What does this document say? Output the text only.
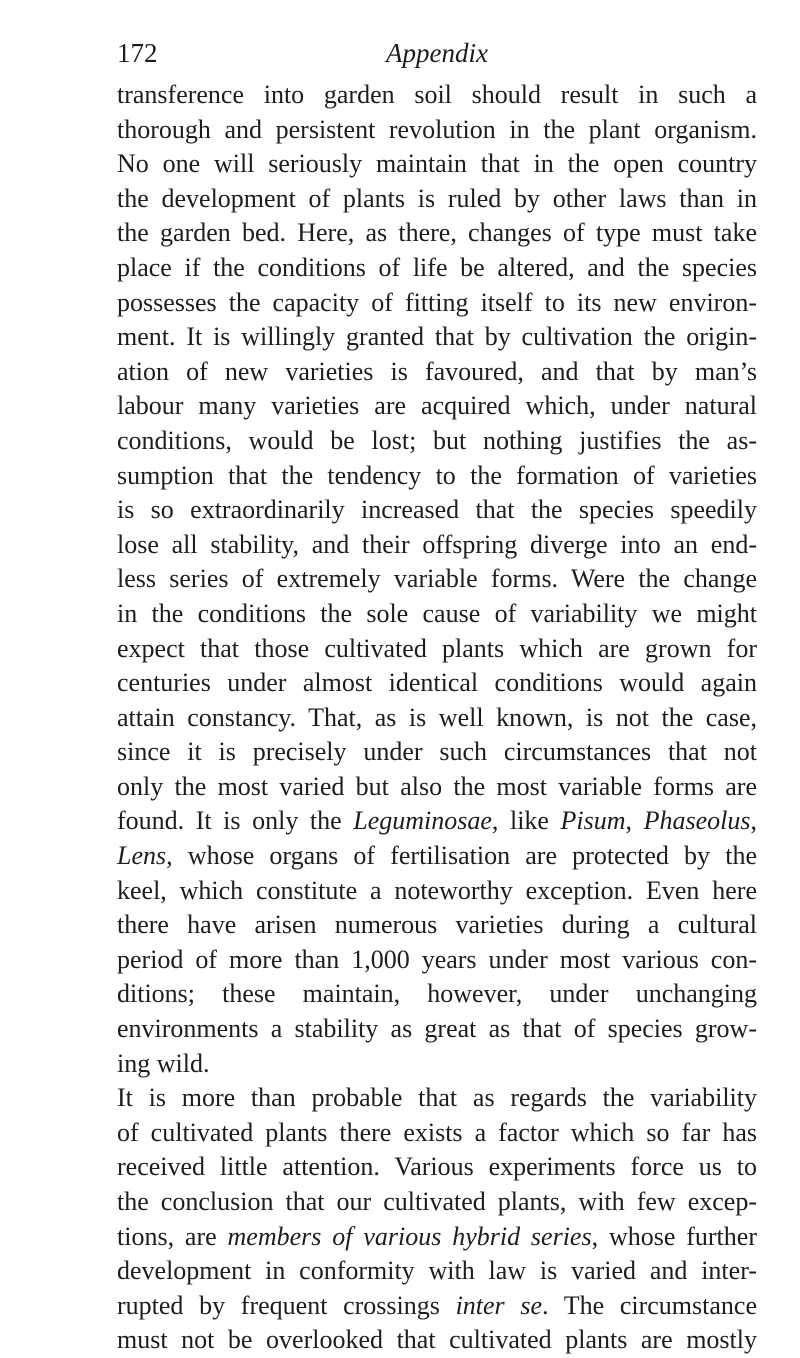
172	Appendix
transference into garden soil should result in such a
thorough and persistent revolution in the plant organism.
No one will seriously maintain that in the open country
the development of plants is ruled by other laws than in
the garden bed. Here, as there, changes of type must take
place if the conditions of life be altered, and the species
possesses the capacity of fitting itself to its new environ-
ment. It is willingly granted that by cultivation the origin-
ation of new varieties is favoured, and that by man’s
labour many varieties are acquired which, under natural
conditions, would be lost; but nothing justifies the as-
sumption that the tendency to the formation of varieties
is so extraordinarily increased that the species speedily
lose all stability, and their offspring diverge into an end-
less series of extremely variable forms. Were the change
in the conditions the sole cause of variability we might
expect that those cultivated plants which are grown for
centuries under almost identical conditions would again
attain constancy. That, as is well known, is not the case,
since it is precisely under such circumstances that not
only the most varied but also the most variable forms are
found. It is only the Leguminosae, like Pisum, Phaseolus,
Lens, whose organs of fertilisation are protected by the
keel, which constitute a noteworthy exception. Even here
there have arisen numerous varieties during a cultural
period of more than 1,000 years under most various con-
ditions; these maintain, however, under unchanging
environments a stability as great as that of species grow-
ing wild.
It is more than probable that as regards the variability
of cultivated plants there exists a factor which so far has
received little attention. Various experiments force us to
the conclusion that our cultivated plants, with few excep-
tions, are members of various hybrid series, whose further
development in conformity with law is varied and inter-
rupted by frequent crossings inter se. The circumstance
must not be overlooked that cultivated plants are mostly
